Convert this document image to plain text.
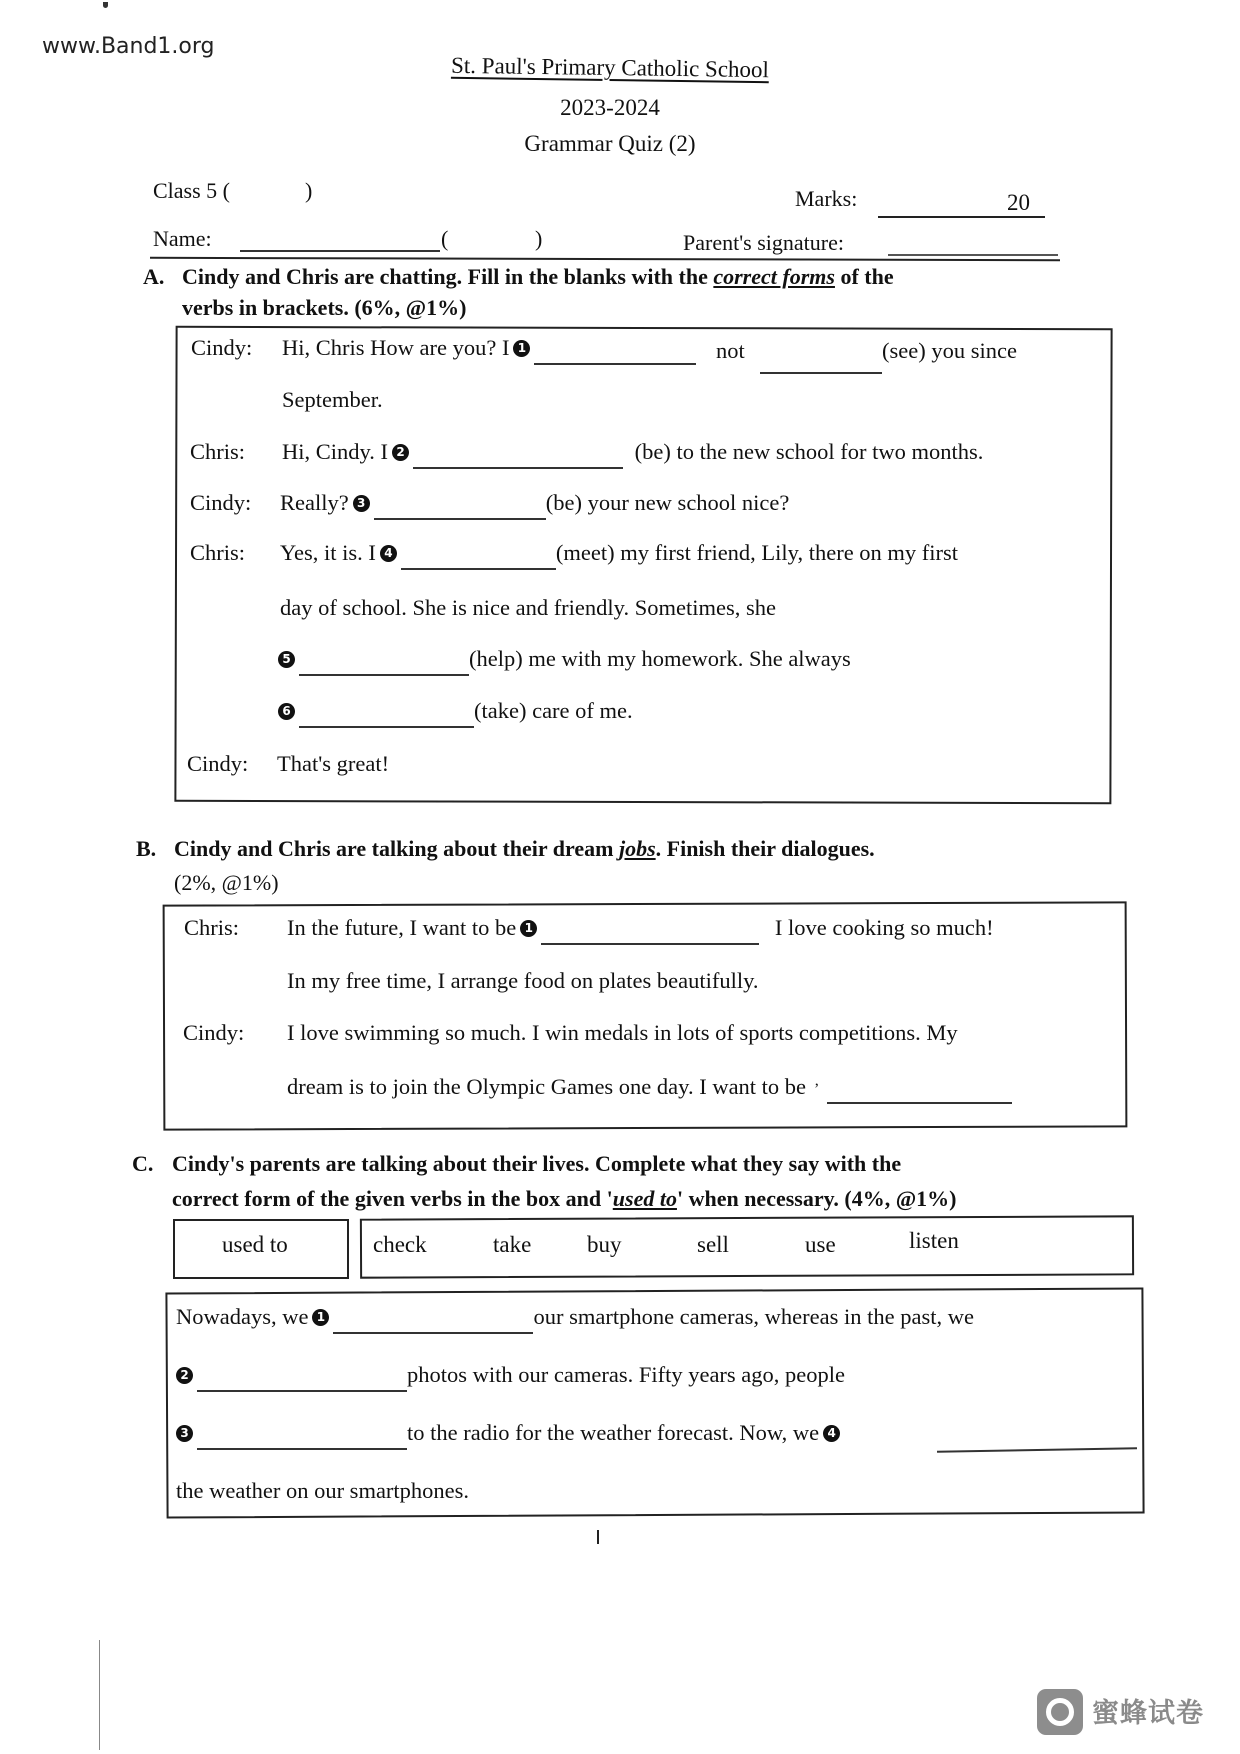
www.Band1.org
St. Paul's Primary Catholic School
2023-2024
Grammar Quiz (2)
Class 5 (	)	Marks:	20
Name:	(	)	Parent's signature:
A. Cindy and Chris are chatting. Fill in the blanks with the correct forms of the
verbs in brackets. (6%, @1%)
Cindy: Hi, Chris How are you? I 1	not	(see) you since
September.
Chris: Hi, Cindy. I 2	(be) to the new school for two months.
Cindy: Really? 3	(be) your new school nice?
Chris: Yes, it is. I 4	(meet) my first friend, Lily, there on my first
day of school. She is nice and friendly. Sometimes, she
5	(help) me with my homework. She always
6	(take) care of me.
Cindy: That's great!
B. Cindy and Chris are talking about their dream jobs. Finish their dialogues.
(2%, @1%)
Chris: In the future, I want to be 1	I love cooking so much!
In my free time, I arrange food on plates beautifully.
Cindy: I love swimming so much. I win medals in lots of sports competitions. My
dream is to join the Olympic Games one day. I want to be ’
C. Cindy's parents are talking about their lives. Complete what they say with the
correct form of the given verbs in the box and 'used to' when necessary. (4%, @1%)
used to	check	take buy	sell	use	listen
Nowadays, we 1	our smartphone cameras, whereas in the past, we
2	photos with our cameras. Fifty years ago, people
3	to the radio for the weather forecast. Now, we 4
the weather on our smartphones.
蜜蜂试卷
